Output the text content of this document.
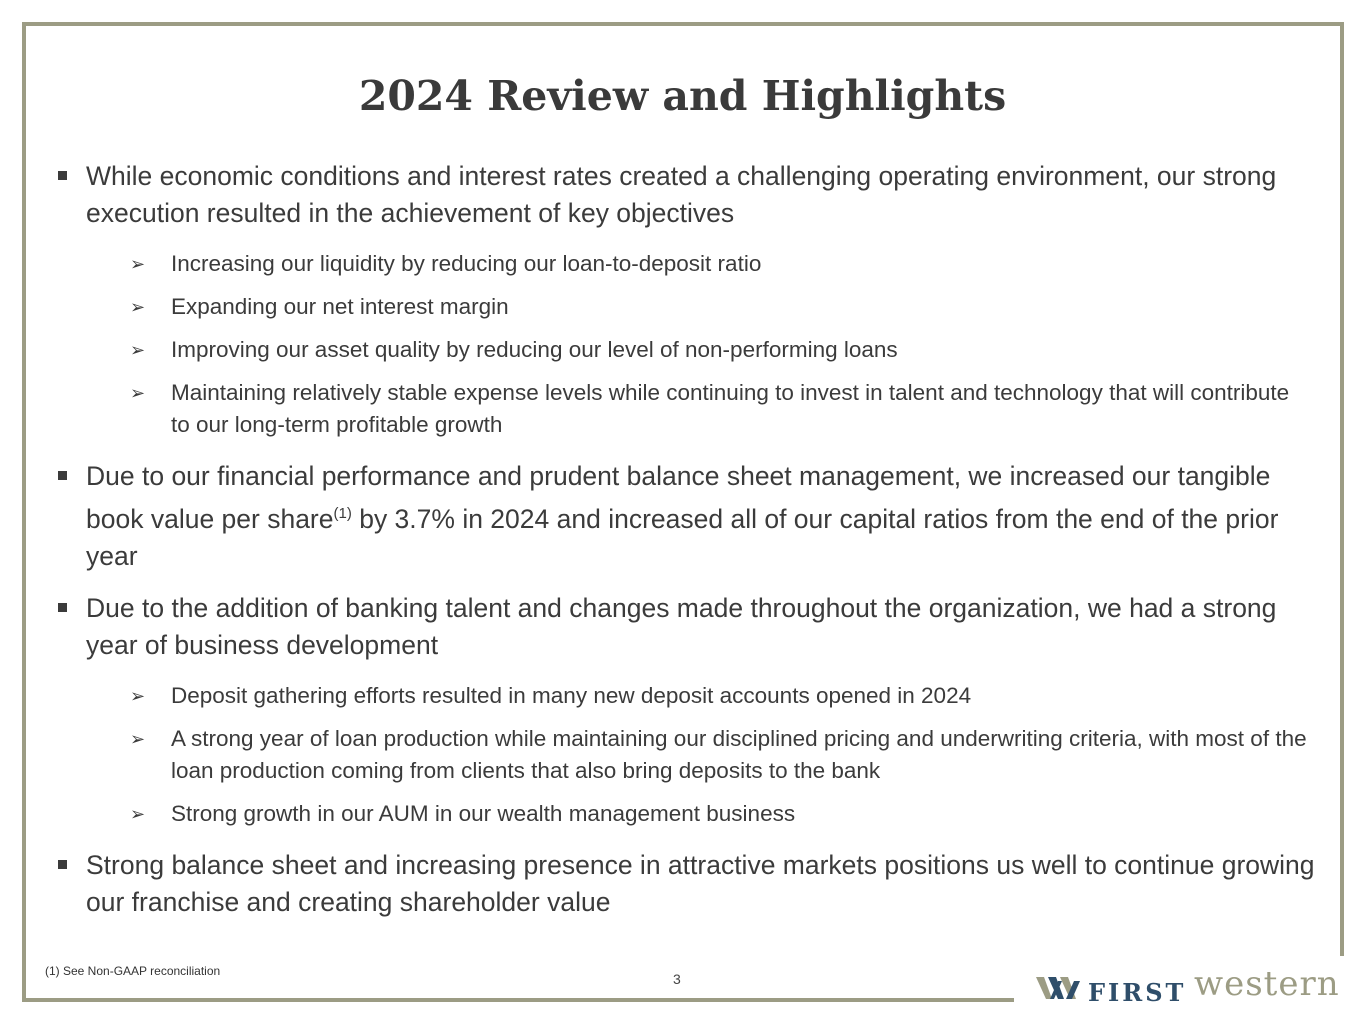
2024 Review and Highlights
While economic conditions and interest rates created a challenging operating environment, our strong execution resulted in the achievement of key objectives
➢ Increasing our liquidity by reducing our loan-to-deposit ratio
➢ Expanding our net interest margin
➢ Improving our asset quality by reducing our level of non-performing loans
➢ Maintaining relatively stable expense levels while continuing to invest in talent and technology that will contribute to our long-term profitable growth
Due to our financial performance and prudent balance sheet management, we increased our tangible book value per share$^{(1)}$ by 3.7% in 2024 and increased all of our capital ratios from the end of the prior year
Due to the addition of banking talent and changes made throughout the organization, we had a strong year of business development
➢ Deposit gathering efforts resulted in many new deposit accounts opened in 2024
➢ A strong year of loan production while maintaining our disciplined pricing and underwriting criteria, with most of the loan production coming from clients that also bring deposits to the bank
➢ Strong growth in our AUM in our wealth management business
Strong balance sheet and increasing presence in attractive markets positions us well to continue growing our franchise and creating shareholder value
(1) See Non-GAAP reconciliation	3	FIRST western
